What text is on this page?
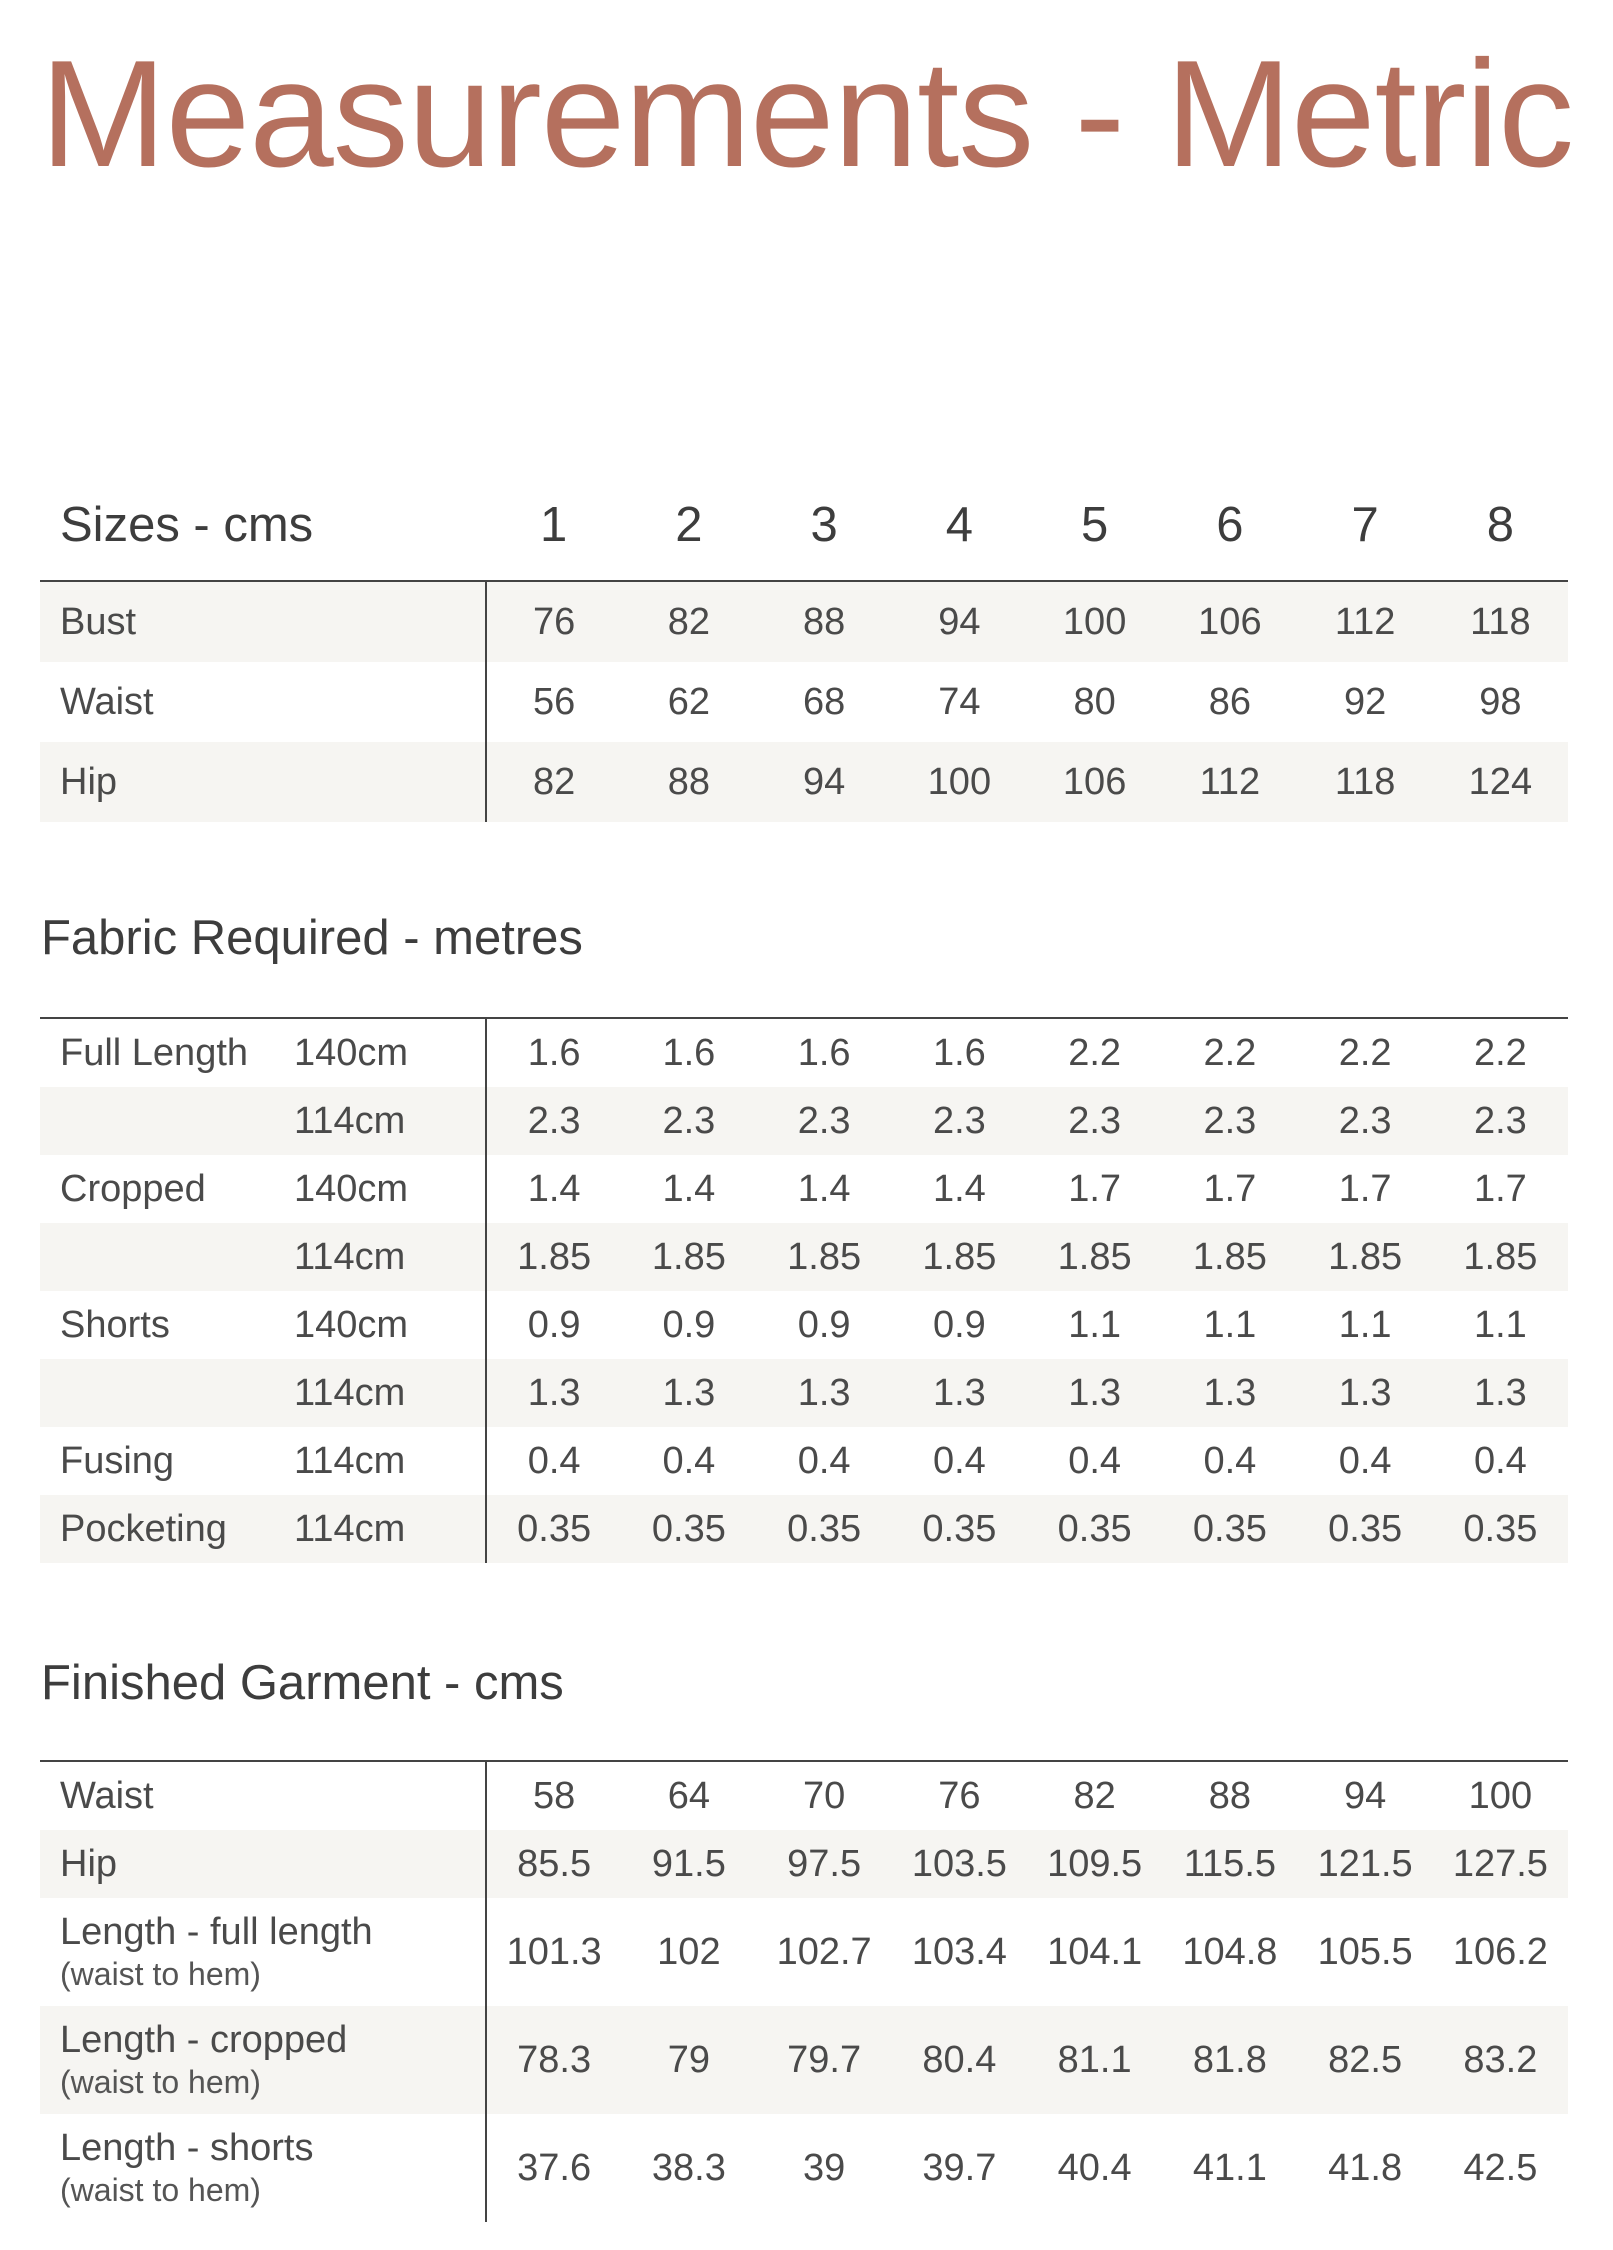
Measurements - Metric
Sizes - cms	1	2	3	4	5	6	7	8
Bust	76	82	88	94	100	106	112	118
Waist	56	62	68	74	80	86	92	98
Hip	82	88	94	100	106	112	118	124
Fabric Required - metres
Full Length	140cm	1.6	1.6	1.6	1.6	2.2	2.2	2.2	2.2
	114cm	2.3	2.3	2.3	2.3	2.3	2.3	2.3	2.3
Cropped	140cm	1.4	1.4	1.4	1.4	1.7	1.7	1.7	1.7
	114cm	1.85	1.85	1.85	1.85	1.85	1.85	1.85	1.85
Shorts	140cm	0.9	0.9	0.9	0.9	1.1	1.1	1.1	1.1
	114cm	1.3	1.3	1.3	1.3	1.3	1.3	1.3	1.3
Fusing	114cm	0.4	0.4	0.4	0.4	0.4	0.4	0.4	0.4
Pocketing	114cm	0.35	0.35	0.35	0.35	0.35	0.35	0.35	0.35
Finished Garment - cms
Waist	58	64	70	76	82	88	94	100
Hip	85.5	91.5	97.5	103.5	109.5	115.5	121.5	127.5
Length - full length
(waist to hem)	101.3	102	102.7	103.4	104.1	104.8	105.5	106.2
Length - cropped
(waist to hem)	78.3	79	79.7	80.4	81.1	81.8	82.5	83.2
Length - shorts
(waist to hem)	37.6	38.3	39	39.7	40.4	41.1	41.8	42.5
